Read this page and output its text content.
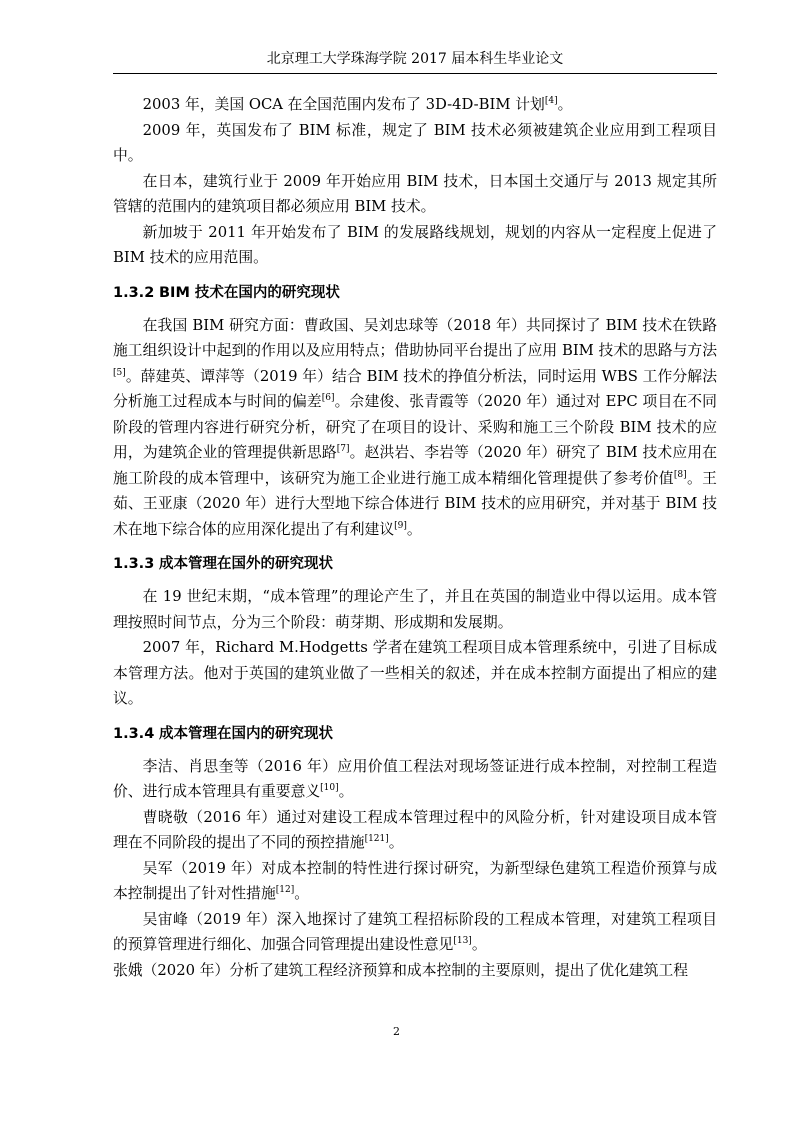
北京理工大学珠海学院 2017 届本科生毕业论文

2003 年，美国 OCA 在全国范围内发布了 3D-4D-BIM 计划[4]。

2009 年，英国发布了 BIM 标准，规定了 BIM 技术必须被建筑企业应用到工程项目中。

在日本，建筑行业于 2009 年开始应用 BIM 技术，日本国土交通厅与 2013 规定其所管辖的范围内的建筑项目都必须应用 BIM 技术。

新加坡于 2011 年开始发布了 BIM 的发展路线规划，规划的内容从一定程度上促进了 BIM 技术的应用范围。

1.3.2 BIM 技术在国内的研究现状

在我国 BIM 研究方面：曹政国、吴刘忠球等（2018 年）共同探讨了 BIM 技术在铁路施工组织设计中起到的作用以及应用特点；借助协同平台提出了应用 BIM 技术的思路与方法[5]。薛建英、谭萍等（2019 年）结合 BIM 技术的挣值分析法，同时运用 WBS 工作分解法分析施工过程成本与时间的偏差[6]。佘建俊、张青霞等（2020 年）通过对 EPC 项目在不同阶段的管理内容进行研究分析，研究了在项目的设计、采购和施工三个阶段 BIM 技术的应用，为建筑企业的管理提供新思路[7]。赵洪岩、李岩等（2020 年）研究了 BIM 技术应用在施工阶段的成本管理中，该研究为施工企业进行施工成本精细化管理提供了参考价值[8]。王茹、王亚康（2020 年）进行大型地下综合体进行 BIM 技术的应用研究，并对基于 BIM 技术在地下综合体的应用深化提出了有利建议[9]。

1.3.3 成本管理在国外的研究现状

在 19 世纪末期，“成本管理”的理论产生了，并且在英国的制造业中得以运用。成本管理按照时间节点，分为三个阶段：萌芽期、形成期和发展期。

2007 年，Richard M.Hodgetts 学者在建筑工程项目成本管理系统中，引进了目标成本管理方法。他对于英国的建筑业做了一些相关的叙述，并在成本控制方面提出了相应的建议。

1.3.4 成本管理在国内的研究现状

李洁、肖思奎等（2016 年）应用价值工程法对现场签证进行成本控制，对控制工程造价、进行成本管理具有重要意义[10]。

曹晓敬（2016 年）通过对建设工程成本管理过程中的风险分析，针对建设项目成本管理在不同阶段的提出了不同的预控措施[121]。

吴军（2019 年）对成本控制的特性进行探讨研究，为新型绿色建筑工程造价预算与成本控制提出了针对性措施[12]。

吴宙峰（2019 年）深入地探讨了建筑工程招标阶段的工程成本管理，对建筑工程项目的预算管理进行细化、加强合同管理提出建设性意见[13]。

张娥（2020 年）分析了建筑工程经济预算和成本控制的主要原则，提出了优化建筑工程

2
